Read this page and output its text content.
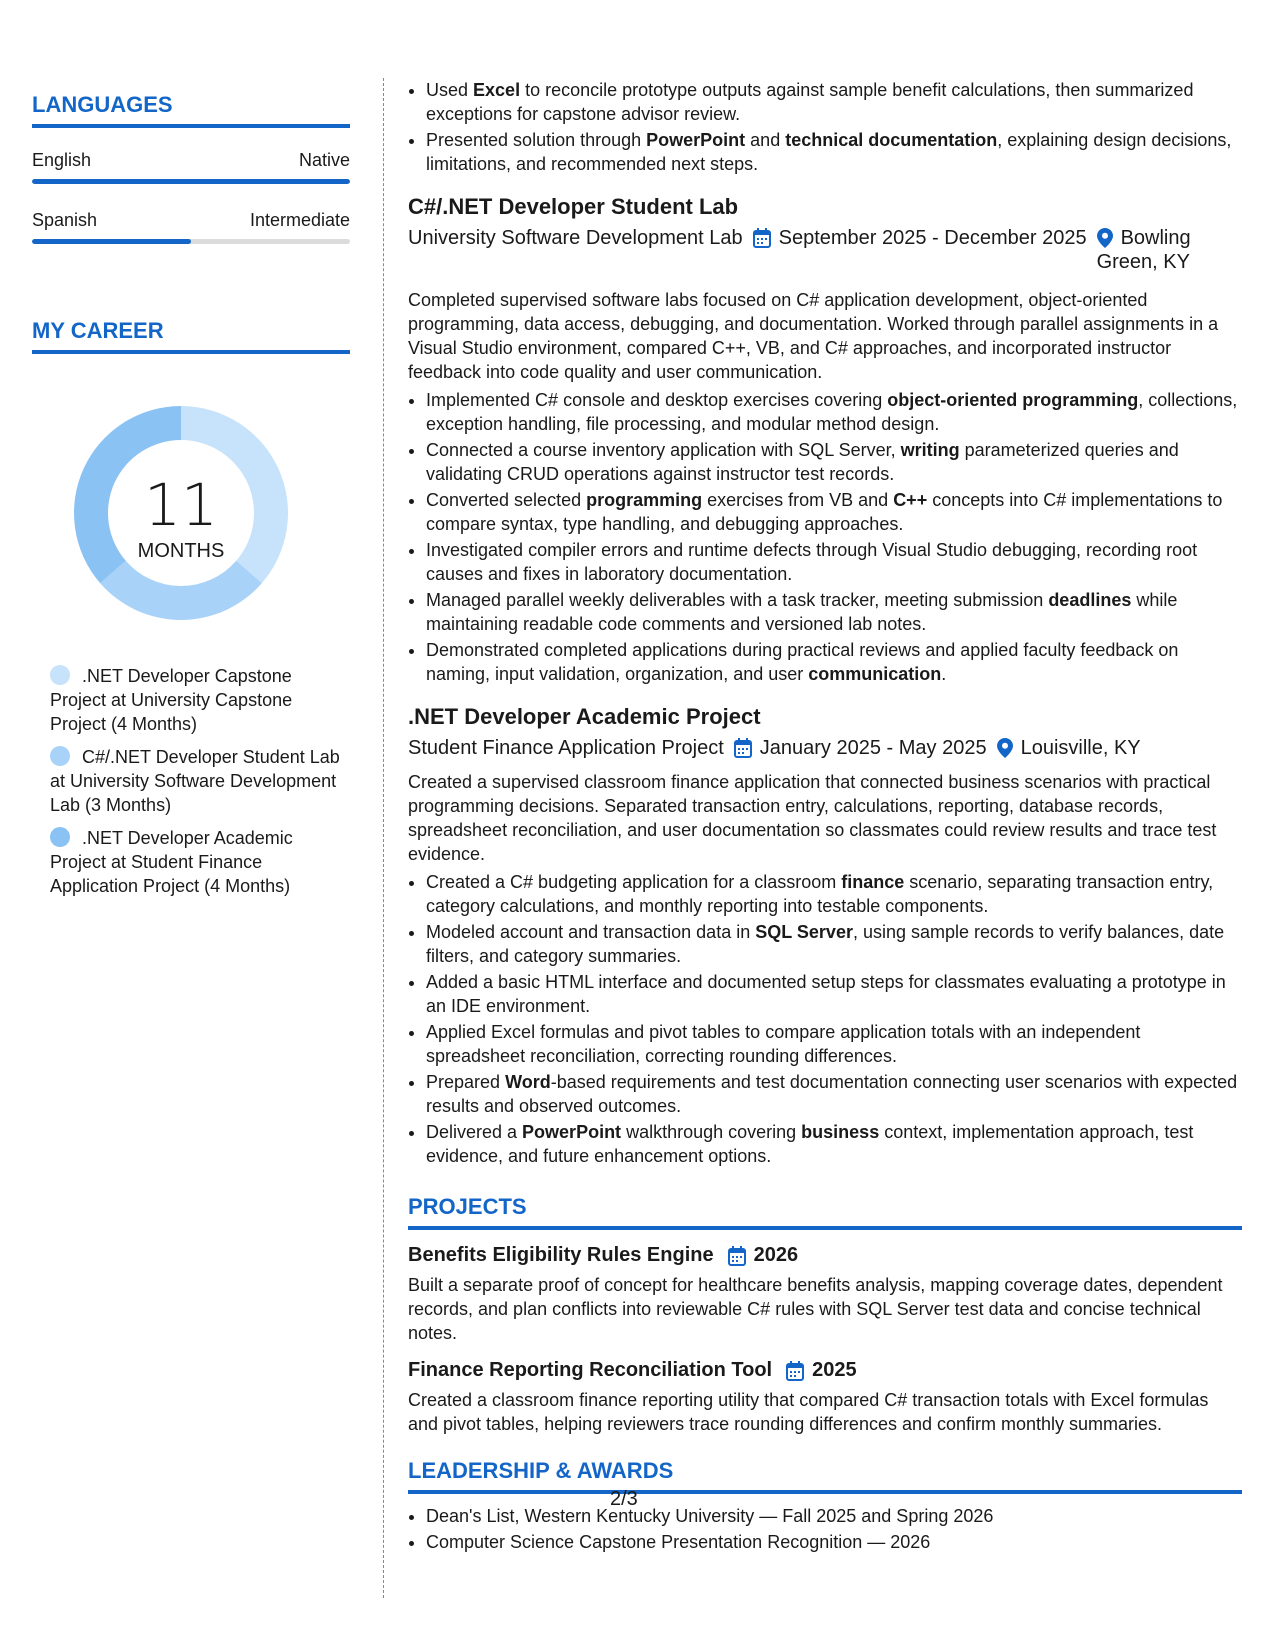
LANGUAGES
English	Native
Spanish	Intermediate
MY CAREER
11
MONTHS
.NET Developer Capstone Project at University Capstone Project (4 Months)
C#/.NET Developer Student Lab at University Software Development Lab (3 Months)
.NET Developer Academic Project at Student Finance Application Project (4 Months)
• Used Excel to reconcile prototype outputs against sample benefit calculations, then summarized exceptions for capstone advisor review.
• Presented solution through PowerPoint and technical documentation, explaining design decisions, limitations, and recommended next steps.
C#/.NET Developer Student Lab
University Software Development Lab September 2025 - December 2025 Bowling
Green, KY

Completed supervised software labs focused on C# application development, object-oriented programming, data access, debugging, and documentation. Worked through parallel assignments in a Visual Studio environment, compared C++, VB, and C# approaches, and incorporated instructor feedback into code quality and user communication.

• Implemented C# console and desktop exercises covering object-oriented programming, collections, exception handling, file processing, and modular method design.
• Connected a course inventory application with SQL Server, writing parameterized queries and validating CRUD operations against instructor test records.
• Converted selected programming exercises from VB and C++ concepts into C# implementations to compare syntax, type handling, and debugging approaches.
• Investigated compiler errors and runtime defects through Visual Studio debugging, recording root causes and fixes in laboratory documentation.
• Managed parallel weekly deliverables with a task tracker, meeting submission deadlines while maintaining readable code comments and versioned lab notes.
• Demonstrated completed applications during practical reviews and applied faculty feedback on naming, input validation, organization, and user communication.
.NET Developer Academic Project
Student Finance Application Project January 2025 - May 2025 Louisville, KY

Created a supervised classroom finance application that connected business scenarios with practical programming decisions. Separated transaction entry, calculations, reporting, database records, spreadsheet reconciliation, and user documentation so classmates could review results and trace test evidence.

• Created a C# budgeting application for a classroom finance scenario, separating transaction entry, category calculations, and monthly reporting into testable components.
• Modeled account and transaction data in SQL Server, using sample records to verify balances, date filters, and category summaries.
• Added a basic HTML interface and documented setup steps for classmates evaluating a prototype in an IDE environment.
• Applied Excel formulas and pivot tables to compare application totals with an independent spreadsheet reconciliation, correcting rounding differences.
• Prepared Word-based requirements and test documentation connecting user scenarios with expected results and observed outcomes.
• Delivered a PowerPoint walkthrough covering business context, implementation approach, test evidence, and future enhancement options.
PROJECTS
Benefits Eligibility Rules Engine 2026

Built a separate proof of concept for healthcare benefits analysis, mapping coverage dates, dependent records, and plan conflicts into reviewable C# rules with SQL Server test data and concise technical notes.

Finance Reporting Reconciliation Tool 2025

Created a classroom finance reporting utility that compared C# transaction totals with Excel formulas and pivot tables, helping reviewers trace rounding differences and confirm monthly summaries.

LEADERSHIP & AWARDS
• Dean's List, Western Kentucky University — Fall 2025 and Spring 2026
• Computer Science Capstone Presentation Recognition — 2026
2/3
